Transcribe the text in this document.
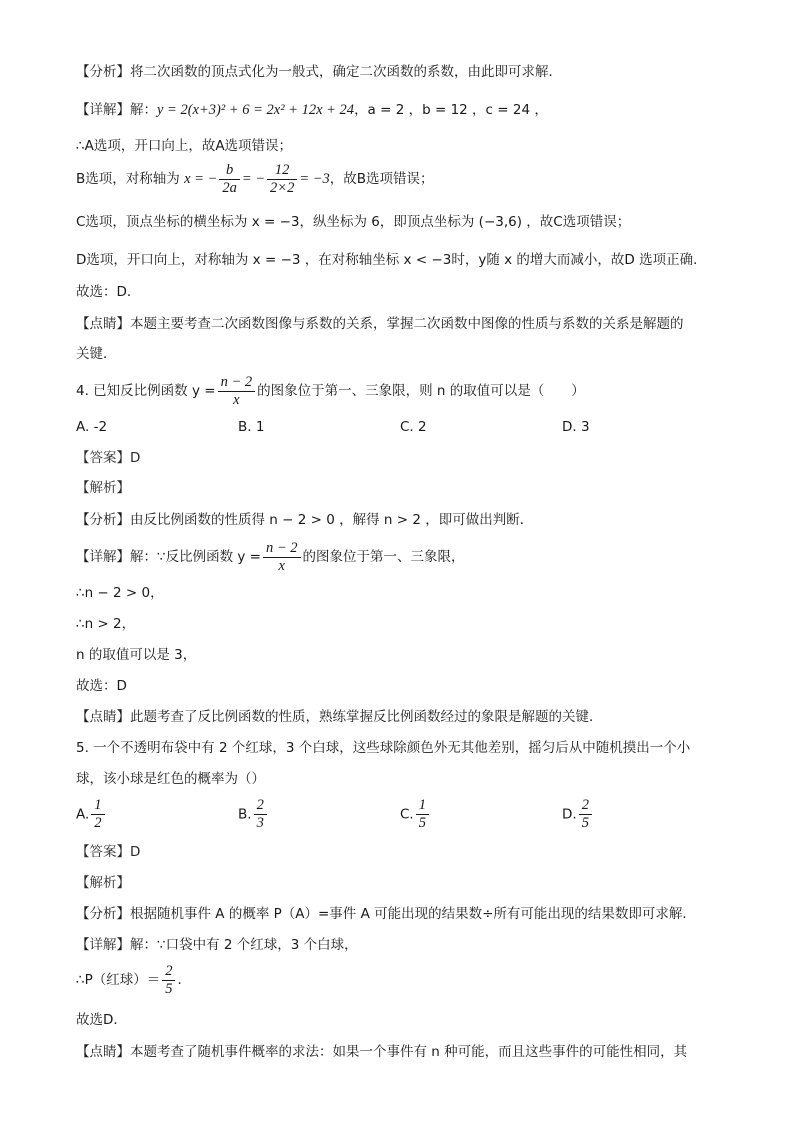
【分析】将二次函数的顶点式化为一般式，确定二次函数的系数，由此即可求解．
【详解】解：y = 2(x+3)² + 6 = 2x² + 12x + 24，a = 2 ，b = 12 ，c = 24 ，
∴A选项，开口向上，故A选项错误；
B选项，对称轴为 x = − $\frac{b}{2a}$ = − $\frac{12}{2\times 2} = -3$，故B选项错误；
C选项，顶点坐标的横坐标为 x = −3，纵坐标为 6，即顶点坐标为 (−3,6) ，故C选项错误；
D选项，开口向上，对称轴为 x = −3 ，在对称轴坐标 x < −3时，y随 x 的增大而减小，故D 选项正确．
故选：D．
【点睛】本题主要考查二次函数图像与系数的关系，掌握二次函数中图像的性质与系数的关系是解题的
关键．
4. 已知反比例函数 $y = \frac{n - 2}{x}$ 的图象位于第一、三象限，则 n 的取值可以是（　　）
A. -2	B. 1	C. 2	D. 3
【答案】D
【解析】
【分析】由反比例函数的性质得 n − 2 > 0 ，解得 n > 2 ，即可做出判断．
【详解】解：∵反比例函数 $y = \frac{n - 2}{x}$ 的图象位于第一、三象限，
∴n − 2 > 0，
∴n > 2，
n 的取值可以是 3，
故选：D
【点睛】此题考查了反比例函数的性质，熟练掌握反比例函数经过的象限是解题的关键．
5. 一个不透明布袋中有 2 个红球，3 个白球，这些球除颜色外无其他差别，摇匀后从中随机摸出一个小
球，该小球是红色的概率为（）
A. $\frac{1}{2}$	B. $\frac{2}{3}$	C. $\frac{1}{5}$	D. $\frac{2}{5}$
【答案】D
【解析】
【分析】根据随机事件 A 的概率 P（A）=事件 A 可能出现的结果数÷所有可能出现的结果数即可求解．
【详解】解：∵口袋中有 2 个红球，3 个白球，
∴P（红球）＝ $\frac{2}{5}$ ．
故选D．
【点睛】本题考查了随机事件概率的求法：如果一个事件有 n 种可能，而且这些事件的可能性相同，其
